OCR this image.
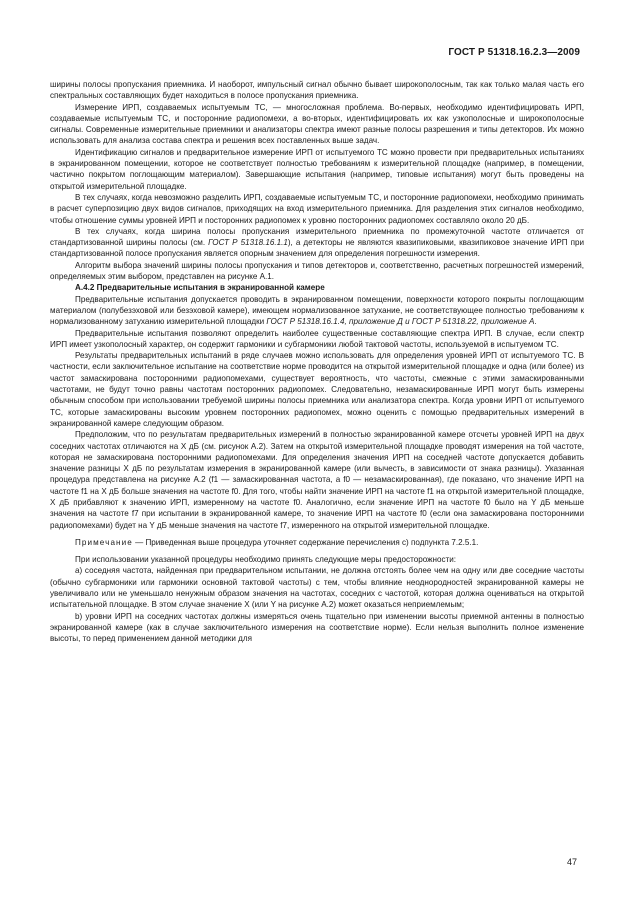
ГОСТ Р 51318.16.2.3—2009

ширины полосы пропускания приемника. И наоборот, импульсный сигнал обычно бывает широкополосным, так как только малая часть его спектральных составляющих будет находиться в полосе пропускания приемника.

Измерение ИРП, создаваемых испытуемым ТС, — многосложная проблема. Во-первых, необходимо идентифицировать ИРП, создаваемые испытуемым ТС, и посторонние радиопомехи, а во-вторых, идентифицировать их как узкополосные и широкополосные сигналы. Современные измерительные приемники и анализаторы спектра имеют разные полосы разрешения и типы детекторов. Их можно использовать для анализа состава спектра и решения всех поставленных выше задач.

Идентификацию сигналов и предварительное измерение ИРП от испытуемого ТС можно провести при предварительных испытаниях в экранированном помещении, которое не соответствует полностью требованиям к измерительной площадке (например, в помещении, частично покрытом поглощающим материалом). Завершающие испытания (например, типовые испытания) могут быть проведены на открытой измерительной площадке.

В тех случаях, когда невозможно разделить ИРП, создаваемые испытуемым ТС, и посторонние радиопомехи, необходимо принимать в расчет суперпозицию двух видов сигналов, приходящих на вход измерительного приемника. Для разделения этих сигналов необходимо, чтобы отношение суммы уровней ИРП и посторонних радиопомех к уровню посторонних радиопомех составляло около 20 дБ.

В тех случаях, когда ширина полосы пропускания измерительного приемника по промежуточной частоте отличается от стандартизованной ширины полосы (см. ГОСТ Р 51318.16.1.1), а детекторы не являются квазипиковыми, квазипиковое значение ИРП при стандартизованной полосе пропускания является опорным значением для определения погрешности измерения.

Алгоритм выбора значений ширины полосы пропускания и типов детекторов и, соответственно, расчетных погрешностей измерений, определяемых этим выбором, представлен на рисунке А.1.

А.4.2 Предварительные испытания в экранированной камере

Предварительные испытания допускается проводить в экранированном помещении, поверхности которого покрыты поглощающим материалом (полубезэховой или безэховой камере), имеющем нормализованное затухание, не соответствующее полностью требованиям к нормализованному затуханию измерительной площадки ГОСТ Р 51318.16.1.4, приложение Д и ГОСТ Р 51318.22, приложение А.

Предварительные испытания позволяют определить наиболее существенные составляющие спектра ИРП. В случае, если спектр ИРП имеет узкополосный характер, он содержит гармоники и субгармоники любой тактовой частоты, используемой в испытуемом ТС.

Результаты предварительных испытаний в ряде случаев можно использовать для определения уровней ИРП от испытуемого ТС. В частности, если заключительное испытание на соответствие норме проводится на открытой измерительной площадке и одна (или более) из частот замаскирована посторонними радиопомехами, существует вероятность, что частоты, смежные с этими замаскированными частотами, не будут точно равны частотам посторонних радиопомех. Следовательно, незамаскированные ИРП могут быть измерены обычным способом при использовании требуемой ширины полосы приемника или анализатора спектра. Когда уровни ИРП от испытуемого ТС, которые замаскированы высоким уровнем посторонних радиопомех, можно оценить с помощью предварительных измерений в экранированной камере следующим образом.

Предположим, что по результатам предварительных измерений в полностью экранированной камере отсчеты уровней ИРП на двух соседних частотах отличаются на X дБ (см. рисунок А.2). Затем на открытой измерительной площадке проводят измерения на той частоте, которая не замаскирована посторонними радиопомехами. Для определения значения ИРП на соседней частоте допускается добавить значение разницы X дБ по результатам измерения в экранированной камере (или вычесть, в зависимости от знака разницы). Указанная процедура представлена на рисунке А.2 (f1 — замаскированная частота, а f0 — незамаскированная), где показано, что значение ИРП на частоте f1 на X дБ больше значения на частоте f0. Для того, чтобы найти значение ИРП на частоте f1 на открытой измерительной площадке, X дБ прибавляют к значению ИРП, измеренному на частоте f0. Аналогично, если значение ИРП на частоте f0 было на Y дБ меньше значения на частоте f7 при испытании в экранированной камере, то значение ИРП на частоте f0 (если она замаскирована посторонними радиопомехами) будет на Y дБ меньше значения на частоте f7, измеренного на открытой измерительной площадке.

Примечание — Приведенная выше процедура уточняет содержание перечисления с) подпункта 7.2.5.1.

При использовании указанной процедуры необходимо принять следующие меры предосторожности:

а) соседняя частота, найденная при предварительном испытании, не должна отстоять более чем на одну или две соседние частоты (обычно субгармоники или гармоники основной тактовой частоты) с тем, чтобы влияние неоднородностей экранированной камеры не увеличивало или не уменьшало ненужным образом значения на частотах, соседних с частотой, которая должна оцениваться на открытой испытательной площадке. В этом случае значение X (или Y на рисунке А.2) может оказаться неприемлемым;

b) уровни ИРП на соседних частотах должны измеряться очень тщательно при изменении высоты приемной антенны в полностью экранированной камере (как в случае заключительного измерения на соответствие норме). Если нельзя выполнить полное изменение высоты, то перед применением данной методики для

47
